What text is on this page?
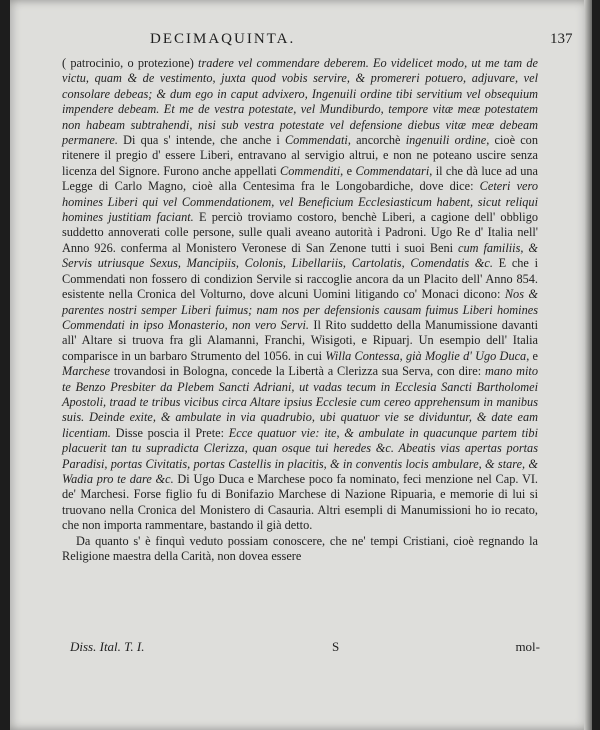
DECIMAQUINTA.	137

( patrocinio, o protezione) tradere vel commendare deberem. Eo videlicet modo, ut me tam de victu, quam & de vestimento, juxta quod vobis servire, & promereri potuero, adjuvare, vel consolare debeas; & dum ego in caput advixero, Ingenuili ordine tibi servitium vel obsequium impendere debeam. Et me de vestra potestate, vel Mundiburdo, tempore vitæ meæ potestatem non habeam subtrahendi, nisi sub vestra potestate vel defensione diebus vitæ meæ debeam permanere. Di qua s' intende, che anche i Commendati, ancorchè ingenuili ordine, cioè con ritenere il pregio d' essere Liberi, entravano al servigio altrui, e non ne poteano uscire senza licenza del Signore. Furono anche appellati Commenditi, e Commendatari, il che dà luce ad una Legge di Carlo Magno, cioè alla Centesima fra le Longobardiche, dove dice: Ceteri vero homines Liberi qui vel Commendationem, vel Beneficium Ecclesiasticum habent, sicut reliqui homines justitiam faciant. E perciò troviamo costoro, benchè Liberi, a cagione dell' obbligo suddetto annoverati colle persone, sulle quali aveano autorità i Padroni. Ugo Re d' Italia nell' Anno 926. conferma al Monistero Veronese di San Zenone tutti i suoi Beni cum familiis, & Servis utriusque Sexus, Mancipiis, Colonis, Libellariis, Cartolatis, Comendatis &c. E che i Commendati non fossero di condizion Servile si raccoglie ancora da un Placito dell' Anno 854. esistente nella Cronica del Volturno, dove alcuni Uomini litigando co' Monaci dicono: Nos & parentes nostri semper Liberi fuimus; nam nos per defensionis causam fuimus Liberi homines Commendati in ipso Monasterio, non vero Servi. Il Rito suddetto della Manumissione davanti all' Altare si truova fra gli Alamanni, Franchi, Wisigoti, e Ripuarj. Un esempio dell' Italia comparisce in un barbaro Strumento del 1056. in cui Willa Contessa, già Moglie d' Ugo Duca, e Marchese trovandosi in Bologna, concede la Libertà a Clerizza sua Serva, con dire: mano mito te Benzo Presbiter da Plebem Sancti Adriani, ut vadas tecum in Ecclesia Sancti Bartholomei Apostoli, traad te tribus vicibus circa Altare ipsius Ecclesie cum cereo apprehensum in manibus suis. Deinde exite, & ambulate in via quadrubio, ubi quatuor vie se dividuntur, & date eam licentiam. Disse poscia il Prete: Ecce quatuor vie: ite, & ambulate in quacunque partem tibi placuerit tan tu supradicta Clerizza, quan osque tui heredes &c. Abeatis vias apertas portas Paradisi, portas Civitatis, portas Castellis in placitis, & in conventis locis ambulare, & stare, & Wadia pro te dare &c. Di Ugo Duca e Marchese poco fa nominato, feci menzione nel Cap. VI. de' Marchesi. Forse figlio fu di Bonifazio Marchese di Nazione Ripuaria, e memorie di lui si truovano nella Cronica del Monistero di Casauria. Altri esempli di Manumissioni ho io recato, che non importa rammentare, bastando il già detto.

Da quanto s' è finquì veduto possiam conoscere, che ne' tempi Cristiani, cioè regnando la Religione maestra della Carità, non dovea essere

Diss. Ital. T. I.	S	mol-
